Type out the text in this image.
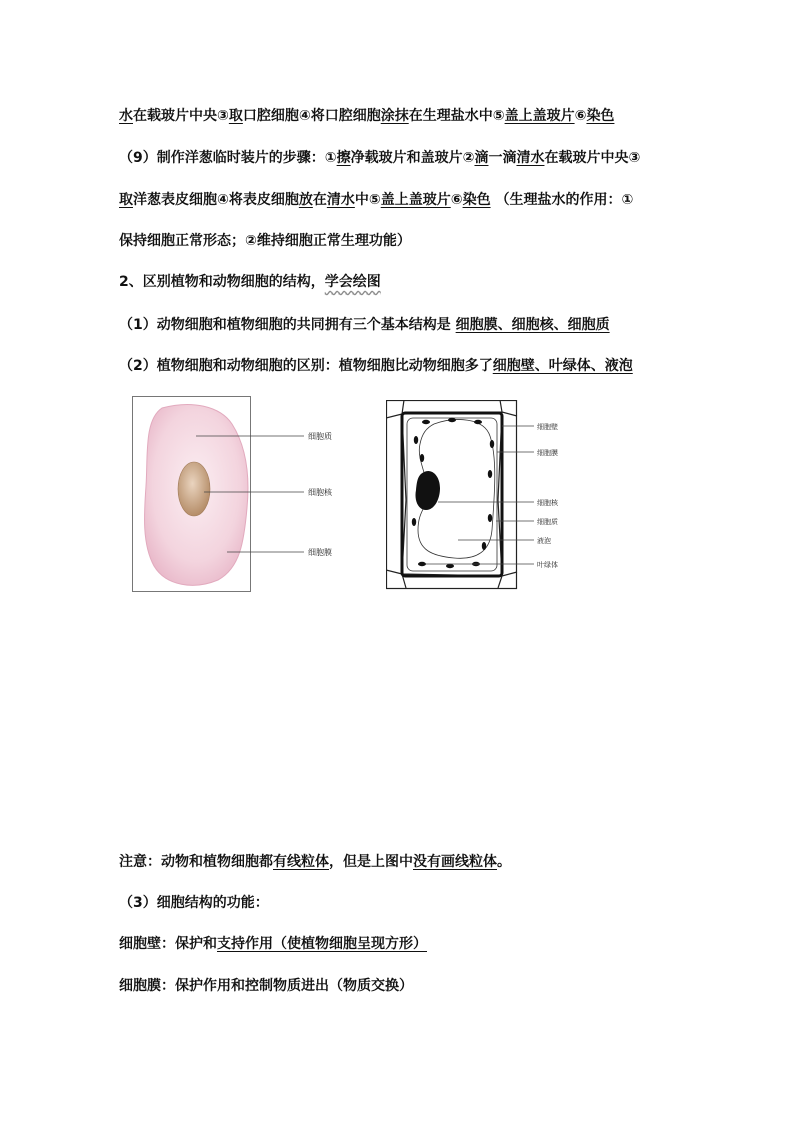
水在载玻片中央③取口腔细胞④将口腔细胞涂抹在生理盐水中⑤盖上盖玻片⑥染色
（9）制作洋葱临时装片的步骤：①擦净载玻片和盖玻片②滴一滴清水在载玻片中央③
取洋葱表皮细胞④将表皮细胞放在清水中⑤盖上盖玻片⑥染色 （生理盐水的作用：①
保持细胞正常形态；②维持细胞正常生理功能）
2、区别植物和动物细胞的结构，学会绘图
（1）动物细胞和植物细胞的共同拥有三个基本结构是 细胞膜、细胞核、细胞质
（2）植物细胞和动物细胞的区别：植物细胞比动物细胞多了细胞壁、叶绿体、液泡
细胞质
细胞核
细胞膜
细胞壁
细胞膜
细胞核
细胞质
液泡
叶绿体
注意：动物和植物细胞都有线粒体，但是上图中没有画线粒体。
（3）细胞结构的功能：
细胞壁：保护和支持作用（使植物细胞呈现方形）
细胞膜：保护作用和控制物质进出（物质交换）
